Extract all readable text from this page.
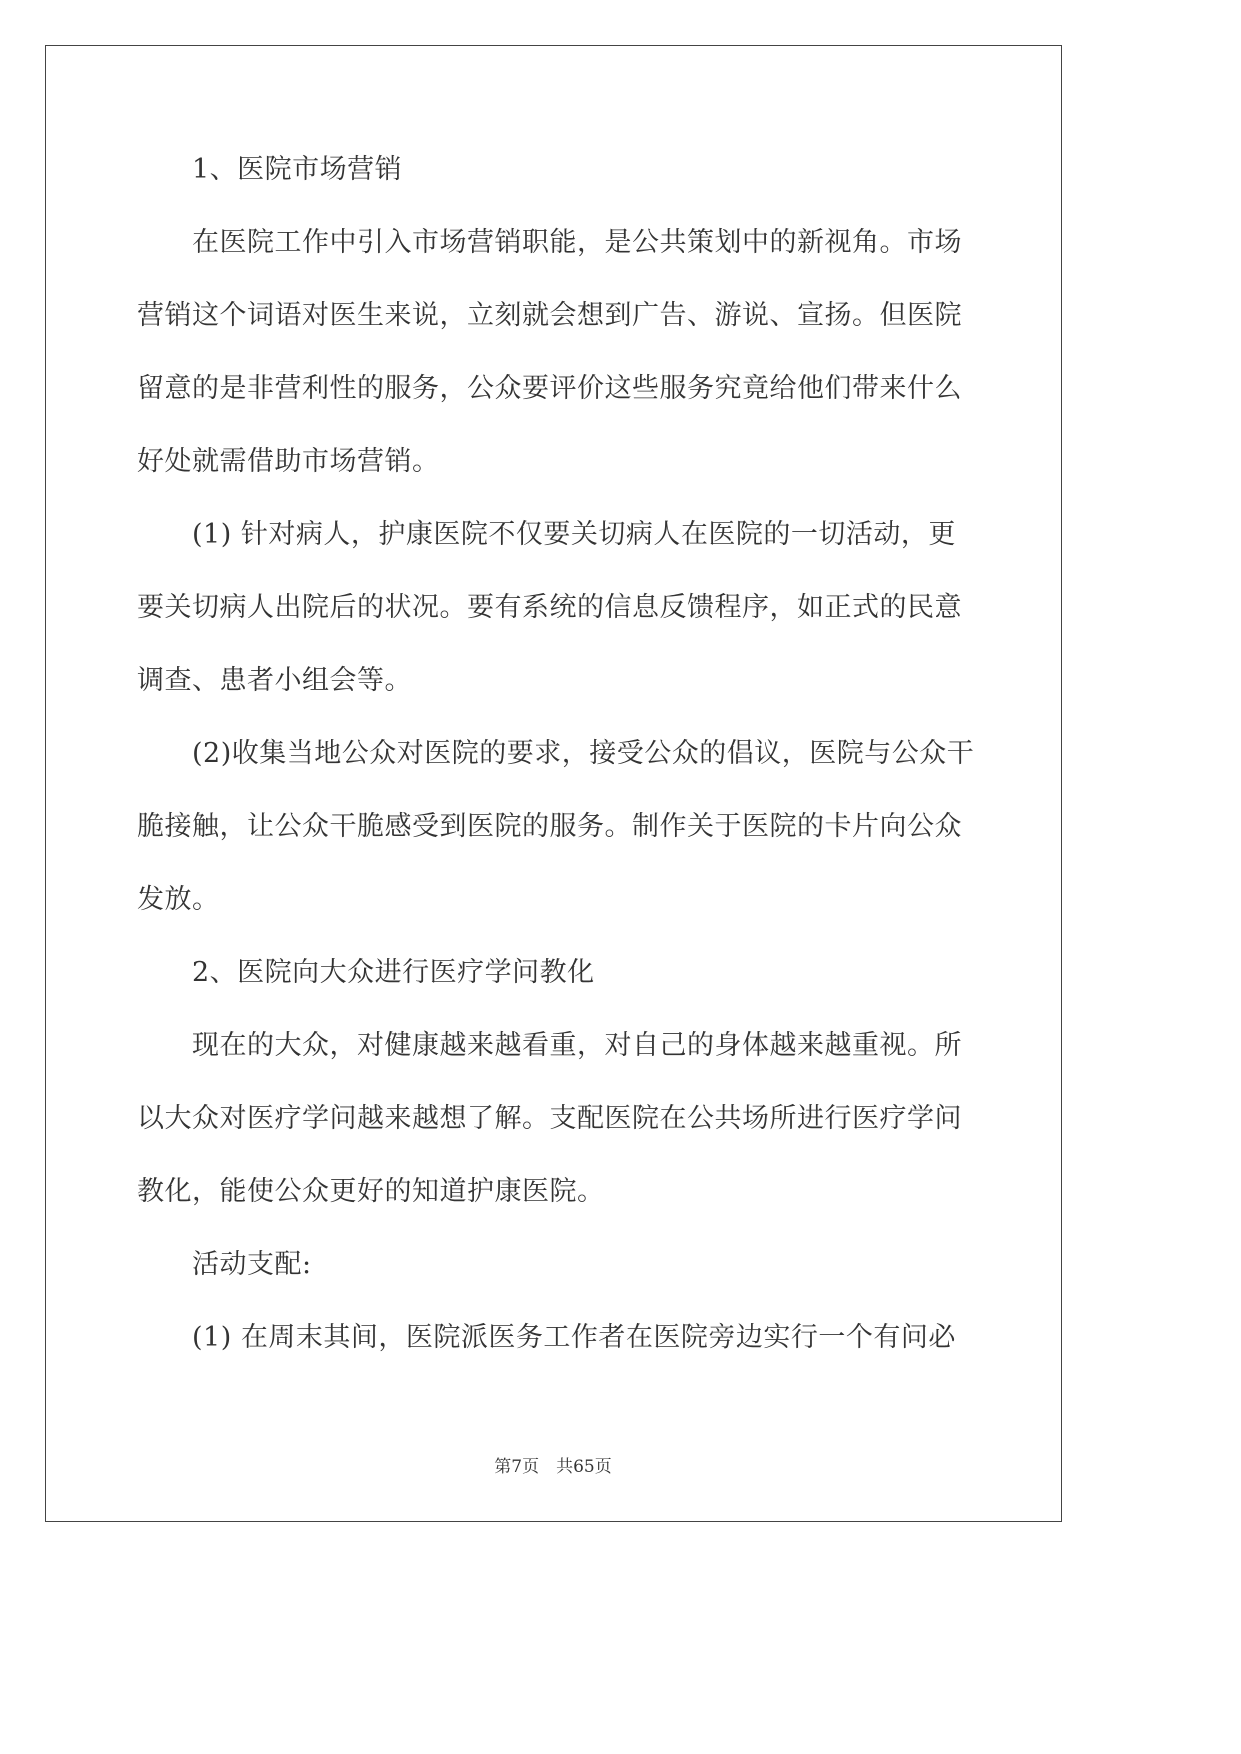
1、医院市场营销
在医院工作中引入市场营销职能，是公共策划中的新视角。市场
营销这个词语对医生来说，立刻就会想到广告、游说、宣扬。但医院
留意的是非营利性的服务，公众要评价这些服务究竟给他们带来什么
好处就需借助市场营销。
(1) 针对病人，护康医院不仅要关切病人在医院的一切活动，更
要关切病人出院后的状况。要有系统的信息反馈程序，如正式的民意
调查、患者小组会等。
(2)收集当地公众对医院的要求，接受公众的倡议，医院与公众干
脆接触，让公众干脆感受到医院的服务。制作关于医院的卡片向公众
发放。
2、医院向大众进行医疗学问教化
现在的大众，对健康越来越看重，对自己的身体越来越重视。所
以大众对医疗学问越来越想了解。支配医院在公共场所进行医疗学问
教化，能使公众更好的知道护康医院。
活动支配:
(1) 在周末其间，医院派医务工作者在医院旁边实行一个有问必
第7页　共65页
